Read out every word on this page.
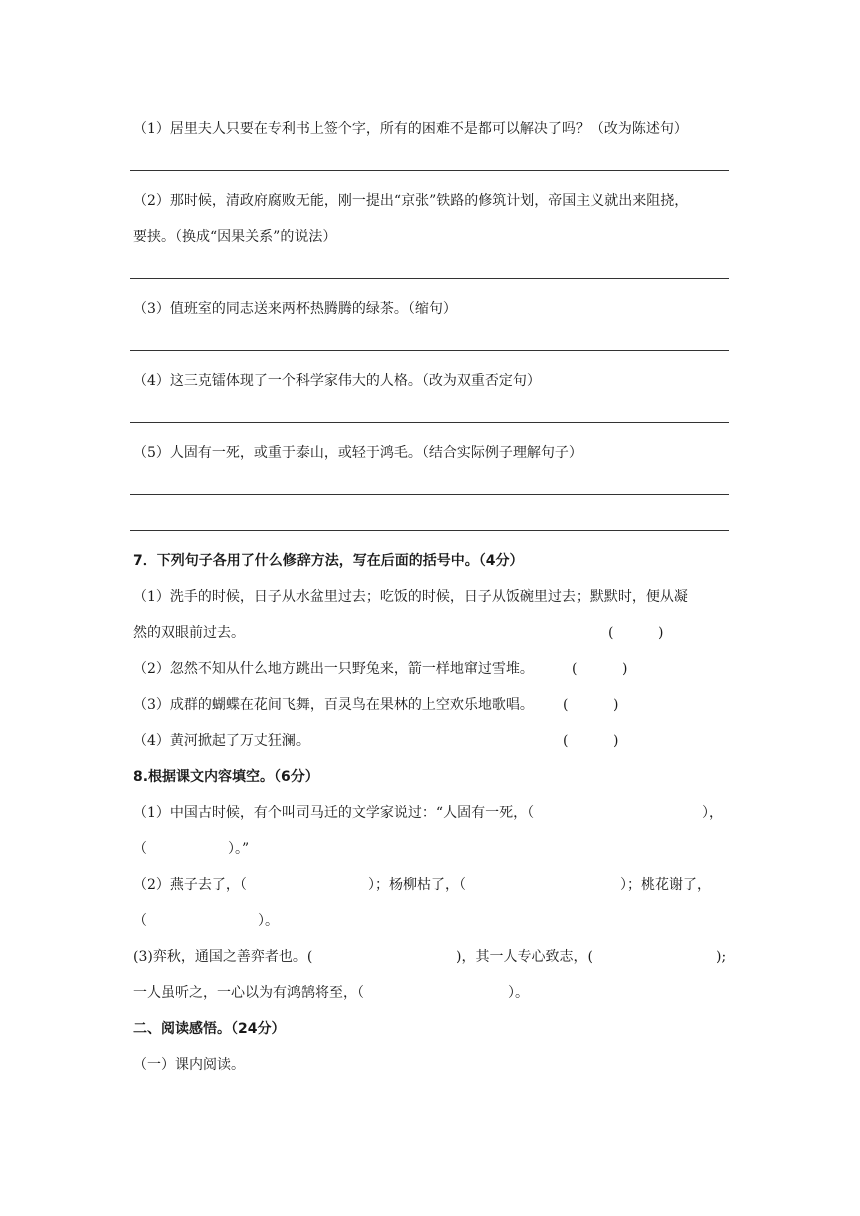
（1）居里夫人只要在专利书上签个字，所有的困难不是都可以解决了吗？（改为陈述句）
（2）那时候，清政府腐败无能，刚一提出“京张”铁路的修筑计划，帝国主义就出来阻挠，
要挟。（换成“因果关系”的说法）
（3）值班室的同志送来两杯热腾腾的绿茶。（缩句）
（4）这三克镭体现了一个科学家伟大的人格。（改为双重否定句）
（5）人固有一死，或重于泰山，或轻于鸿毛。（结合实际例子理解句子）
7．下列句子各用了什么修辞方法，写在后面的括号中。（4分）
（1）洗手的时候，日子从水盆里过去；吃饭的时候，日子从饭碗里过去；默默时，便从凝
然的双眼前过去。	(          )
（2）忽然不知从什么地方跳出一只野兔来，箭一样地窜过雪堆。	(          )
（3）成群的蝴蝶在花间飞舞，百灵鸟在果林的上空欢乐地歌唱。 (          )
（4）黄河掀起了万丈狂澜。	(          )
8.根据课文内容填空。（6分）
（1）中国古时候，有个叫司马迁的文学家说过：“人固有一死，（	），
（	）。”
（2）燕子去了，（	）；杨柳枯了，（	）；桃花谢了，
（	）。
(3)弈秋，通国之善弈者也。(	)，其一人专心致志，(	);
一人虽听之，一心以为有鸿鹄将至，（	）。
二、阅读感悟。（24分）
（一）课内阅读。
